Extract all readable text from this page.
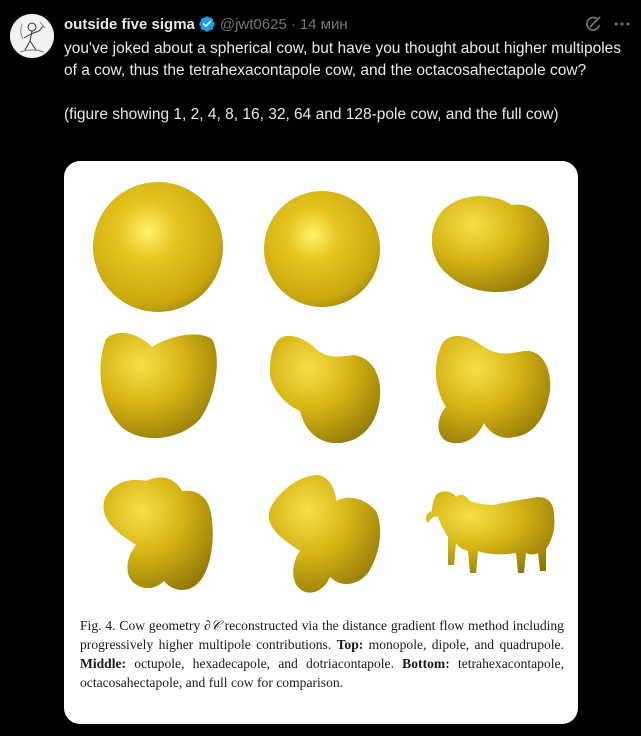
outside five sigma @jwt0625 · 14 мин

you've joked about a spherical cow, but have you thought about higher multipoles of a cow, thus the tetrahexacontapole cow, and the octacosahectapole cow?

(figure showing 1, 2, 4, 8, 16, 32, 64 and 128-pole cow, and the full cow)

Fig. 4. Cow geometry ∂𝒞 reconstructed via the distance gradient flow method including progressively higher multipole contributions. Top: monopole, dipole, and quadrupole. Middle: octupole, hexadecapole, and dotriacontapole. Bottom: tetrahexacontapole, octacosahectapole, and full cow for comparison.
